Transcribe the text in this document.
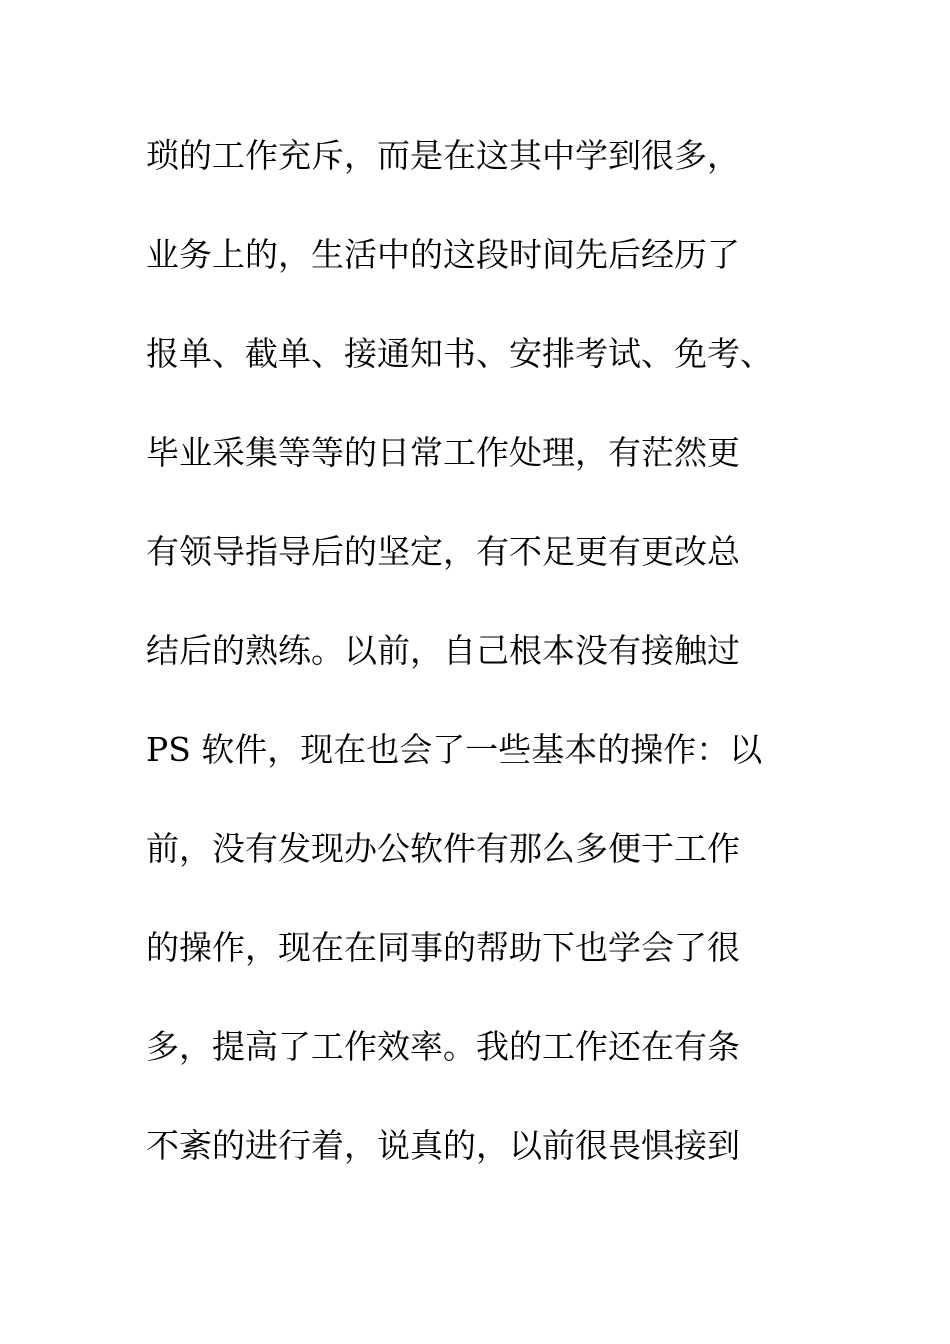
琐的工作充斥，而是在这其中学到很多，
业务上的，生活中的这段时间先后经历了
报单、截单、接通知书、安排考试、免考、
毕业采集等等的日常工作处理，有茫然更
有领导指导后的坚定，有不足更有更改总
结后的熟练。以前，自己根本没有接触过
PS 软件，现在也会了一些基本的操作：以
前，没有发现办公软件有那么多便于工作
的操作，现在在同事的帮助下也学会了很
多，提高了工作效率。我的工作还在有条
不紊的进行着，说真的，以前很畏惧接到
